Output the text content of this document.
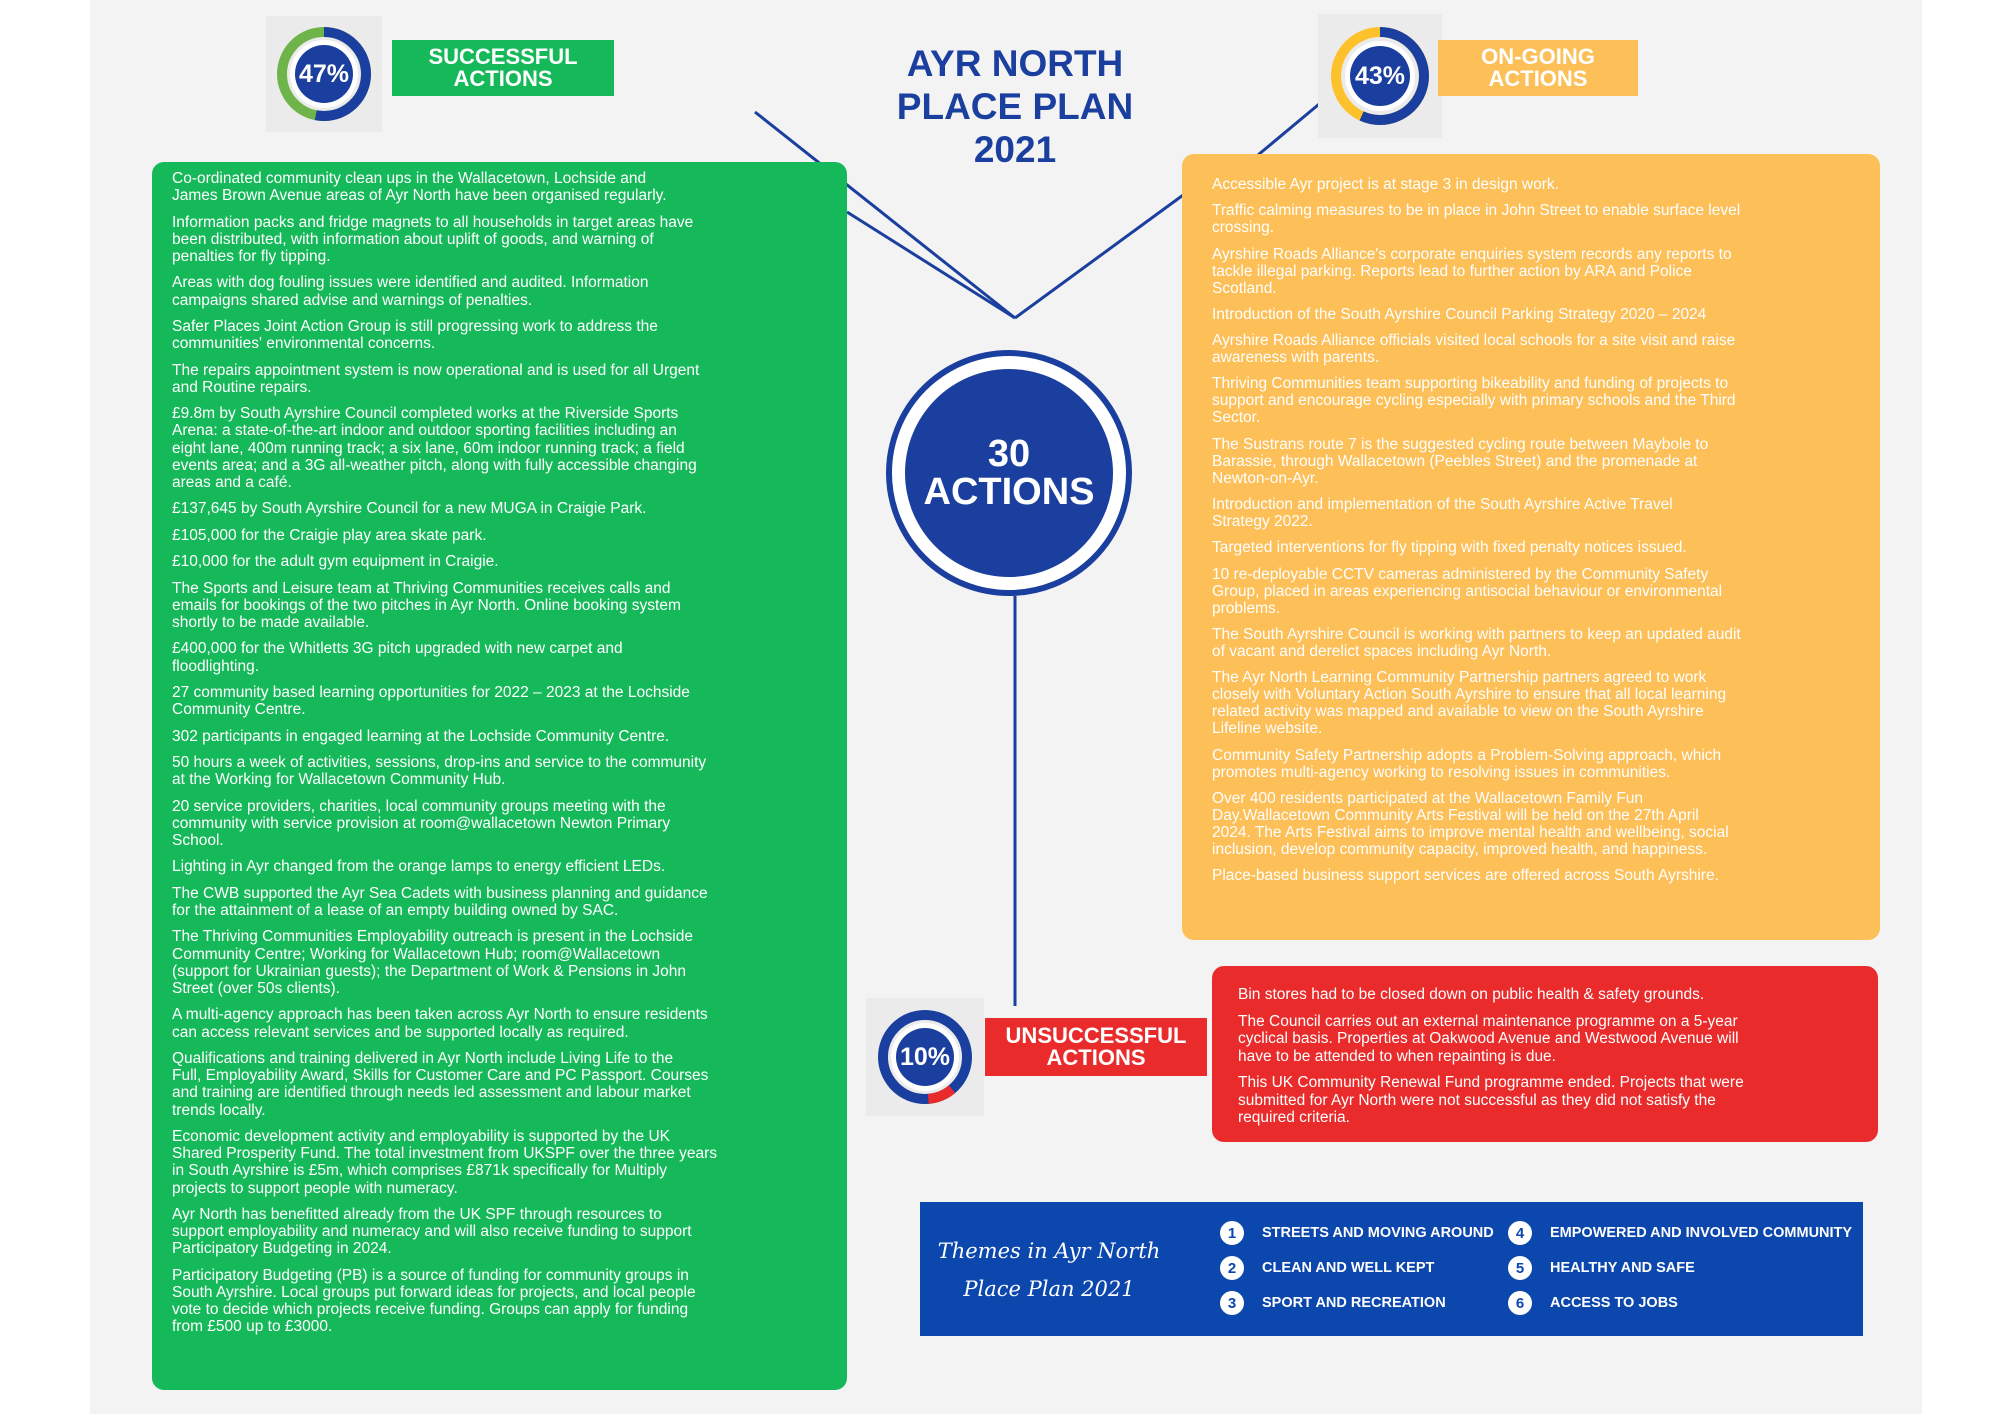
AYR NORTH
PLACE PLAN
2021
47%
SUCCESSFUL
ACTIONS	43%
ON-GOING
ACTIONS
10%
UNSUCCESSFUL
ACTIONS
30
ACTIONS

Co-ordinated community clean ups in the Wallacetown, Lochside and
James Brown Avenue areas of Ayr North have been organised regularly.

Information packs and fridge magnets to all households in target areas have
been distributed, with information about uplift of goods, and warning of
penalties for fly tipping.

Areas with dog fouling issues were identified and audited. Information
campaigns shared advise and warnings of penalties.

Safer Places Joint Action Group is still progressing work to address the
communities' environmental concerns.

The repairs appointment system is now operational and is used for all Urgent
and Routine repairs.

£9.8m by South Ayrshire Council completed works at the Riverside Sports
Arena: a state-of-the-art indoor and outdoor sporting facilities including an
eight lane, 400m running track; a six lane, 60m indoor running track; a field
events area; and a 3G all-weather pitch, along with fully accessible changing
areas and a café.

£137,645 by South Ayrshire Council for a new MUGA in Craigie Park.

£105,000 for the Craigie play area skate park.

£10,000 for the adult gym equipment in Craigie.

The Sports and Leisure team at Thriving Communities receives calls and
emails for bookings of the two pitches in Ayr North. Online booking system
shortly to be made available.

£400,000 for the Whitletts 3G pitch upgraded with new carpet and
floodlighting.

27 community based learning opportunities for 2022 – 2023 at the Lochside
Community Centre.

302 participants in engaged learning at the Lochside Community Centre.

50 hours a week of activities, sessions, drop-ins and service to the community
at the Working for Wallacetown Community Hub.

20 service providers, charities, local community groups meeting with the
community with service provision at room@wallacetown Newton Primary
School.

Lighting in Ayr changed from the orange lamps to energy efficient LEDs.

The CWB supported the Ayr Sea Cadets with business planning and guidance
for the attainment of a lease of an empty building owned by SAC.

The Thriving Communities Employability outreach is present in the Lochside
Community Centre; Working for Wallacetown Hub; room@Wallacetown
(support for Ukrainian guests); the Department of Work & Pensions in John
Street (over 50s clients).

A multi-agency approach has been taken across Ayr North to ensure residents
can access relevant services and be supported locally as required.

Qualifications and training delivered in Ayr North include Living Life to the
Full, Employability Award, Skills for Customer Care and PC Passport. Courses
and training are identified through needs led assessment and labour market
trends locally.

Economic development activity and employability is supported by the UK
Shared Prosperity Fund. The total investment from UKSPF over the three years
in South Ayrshire is £5m, which comprises £871k specifically for Multiply
projects to support people with numeracy.

Ayr North has benefitted already from the UK SPF through resources to
support employability and numeracy and will also receive funding to support
Participatory Budgeting in 2024.

Participatory Budgeting (PB) is a source of funding for community groups in
South Ayrshire. Local groups put forward ideas for projects, and local people
vote to decide which projects receive funding. Groups can apply for funding
from £500 up to £3000.

Accessible Ayr project is at stage 3 in design work.

Traffic calming measures to be in place in John Street to enable surface level
crossing.

Ayrshire Roads Alliance's corporate enquiries system records any reports to
tackle illegal parking. Reports lead to further action by ARA and Police
Scotland.

Introduction of the South Ayrshire Council Parking Strategy 2020 – 2024

Ayrshire Roads Alliance officials visited local schools for a site visit and raise
awareness with parents.

Thriving Communities team supporting bikeability and funding of projects to
support and encourage cycling especially with primary schools and the Third
Sector.

The Sustrans route 7 is the suggested cycling route between Maybole to
Barassie, through Wallacetown (Peebles Street) and the promenade at
Newton-on-Ayr.

Introduction and implementation of the South Ayrshire Active Travel
Strategy 2022.

Targeted interventions for fly tipping with fixed penalty notices issued.

10 re-deployable CCTV cameras administered by the Community Safety
Group, placed in areas experiencing antisocial behaviour or environmental
problems.

The South Ayrshire Council is working with partners to keep an updated audit
of vacant and derelict spaces including Ayr North.

The Ayr North Learning Community Partnership partners agreed to work
closely with Voluntary Action South Ayrshire to ensure that all local learning
related activity was mapped and available to view on the South Ayrshire
Lifeline website.

Community Safety Partnership adopts a Problem-Solving approach, which
promotes multi-agency working to resolving issues in communities.

Over 400 residents participated at the Wallacetown Family Fun
Day.Wallacetown Community Arts Festival will be held on the 27th April
2024. The Arts Festival aims to improve mental health and wellbeing, social
inclusion, develop community capacity, improved health, and happiness.

Place-based business support services are offered across South Ayrshire.

Bin stores had to be closed down on public health & safety grounds.

The Council carries out an external maintenance programme on a 5-year
cyclical basis. Properties at Oakwood Avenue and Westwood Avenue will
have to be attended to when repainting is due.

This UK Community Renewal Fund programme ended. Projects that were
submitted for Ayr North were not successful as they did not satisfy the
required criteria.

Themes in Ayr North
Place Plan 2021
1	STREETS AND MOVING AROUND
2	CLEAN AND WELL KEPT
3	SPORT AND RECREATION
4	EMPOWERED AND INVOLVED COMMUNITY
5	HEALTHY AND SAFE
6	ACCESS TO JOBS
